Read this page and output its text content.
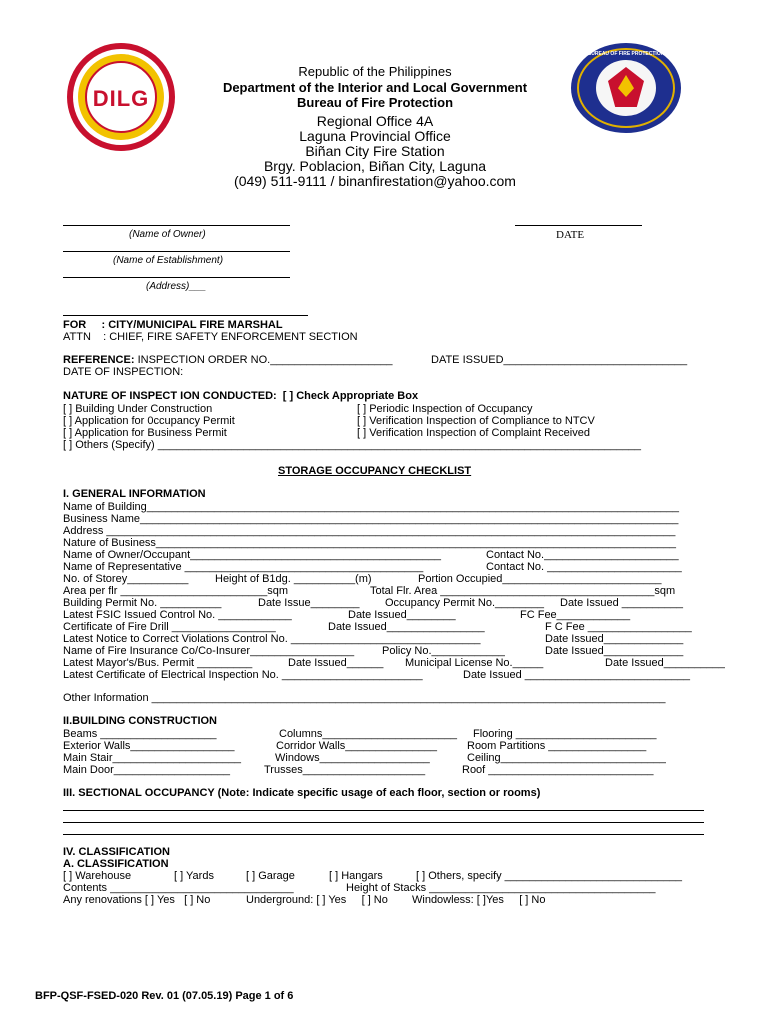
DILG
BUREAU OF FIRE PROTECTION
Republic of the Philippines
Department of the Interior and Local Government
Bureau of Fire Protection
Regional Office 4A
Laguna Provincial Office
Biñan City Fire Station
Brgy. Poblacion, Biñan City, Laguna
(049) 511-9111 / binanfirestation@yahoo.com
(Name of Owner)	DATE
(Name of Establishment)
(Address)___
FOR     : CITY/MUNICIPAL FIRE MARSHAL
ATTN    : CHIEF, FIRE SAFETY ENFORCEMENT SECTION
REFERENCE: INSPECTION ORDER NO.____________________	DATE ISSUED______________________________
DATE OF INSPECTION:
NATURE OF INSPECT ION CONDUCTED:  [ ] Check Appropriate Box
[ ] Building Under Construction
[ ] Application for 0ccupancy Permit
[ ] Application for Business Permit
[ ] Periodic Inspection of Occupancy
[ ] Verification Inspection of Compliance to NTCV
[ ] Verification Inspection of Complaint Received
[ ] Others (Specify) _______________________________________________________________________________
STORAGE OCCUPANCY CHECKLIST
I. GENERAL INFORMATION
Name of Building_______________________________________________________________________________________
Business Name________________________________________________________________________________________
Address _____________________________________________________________________________________________
Nature of Business_____________________________________________________________________________________
Name of Owner/Occupant_________________________________________	Contact No.______________________
Name of Representative _______________________________________	Contact No. ______________________
No. of Storey__________ Height of B1dg. __________(m)	Portion Occupied__________________________
Area per flr ________________________sqm	Total Flr. Area ___________________________________sqm
Building Permit No. __________	Date Issue________ Occupancy Permit No.________ Date Issued __________
Latest FSIC Issued Control No. ____________	Date Issued________	FC Fee____________
Certificate of Fire Drill _________________	Date Issued________________	F C Fee _________________
Latest Notice to Correct Violations Control No. _______________________________	Date Issued_____________
Name of Fire Insurance Co/Co-Insurer_________________	Policy No.____________	Date Issued_____________
Latest Mayor's/Bus. Permit _________	Date Issued______ Municipal License No._____	Date Issued__________
Latest Certificate of Electrical Inspection No. _______________________	Date Issued ___________________________
Other Information ____________________________________________________________________________________
II.BUILDING CONSTRUCTION
Beams ___________________	Columns______________________ Flooring _______________________
Exterior Walls_________________	Corridor Walls_______________	Room Partitions ________________
Main Stair_____________________	Windows__________________	Ceiling___________________________
Main Door___________________	Trusses____________________	Roof ___________________________
III. SECTIONAL OCCUPANCY (Note: Indicate specific usage of each floor, section or rooms)
IV. CLASSIFICATION
A. CLASSIFICATION
[ ] Warehouse	[ ] Yards	[ ] Garage	[ ] Hangars	[ ] Others, specify _____________________________
Contents ______________________________	Height of Stacks _____________________________________
Any renovations [ ] Yes   [ ] No	Underground: [ ] Yes     [ ] No Windowless: [ ]Yes     [ ] No
BFP-QSF-FSED-020 Rev. 01 (07.05.19) Page 1 of 6
